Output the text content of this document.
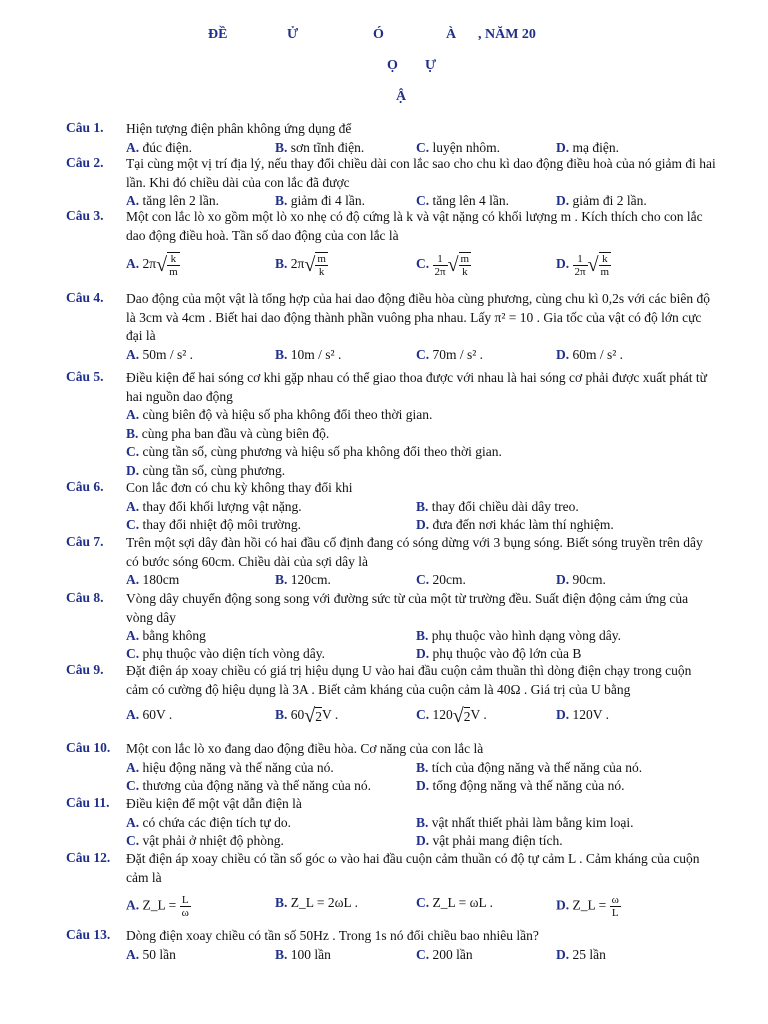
ĐỀ	Ử	Ó	À , NĂM 20
Ọ Ự
Ậ
Câu 1. Hiện tượng điện phân không ứng dụng để
A. đúc điện.	B. sơn tĩnh điện.	C. luyện nhôm.	D. mạ điện.
Câu 2. Tại cùng một vị trí địa lý, nếu thay đổi chiều dài con lắc sao cho chu kì dao động điều hoà của nó giảm đi hai lần. Khi đó chiều dài của con lắc đã được
A. tăng lên 2 lần.	B. giảm đi 4 lần.	C. tăng lên 4 lần.	D. giảm đi 2 lần.
Câu 3. Một con lắc lò xo gồm một lò xo nhẹ có độ cứng là k và vật nặng có khối lượng m . Kích thích cho con lắc dao động điều hoà. Tần số dao động của con lắc là
A. $2\pi√ \frac{k}{m}$	B. $2\pi√ \frac{m}{k}$	C. $\frac{1}{2\pi}$ √ $\frac{m}{k}$	D. $\frac{1}{2\pi}$ √ $\frac{k}{m}$
Câu 4. Dao động của một vật là tổng hợp của hai dao động điều hòa cùng phương, cùng chu kì 0,2s với các biên độ là 3cm và 4cm . Biết hai dao động thành phần vuông pha nhau. Lấy π² = 10 . Gia tốc của vật có độ lớn cực đại là
A. 50m / s² .	B. 10m / s² .	C. 70m / s² .	D. 60m / s² .
Câu 5. Điều kiện để hai sóng cơ khi gặp nhau có thể giao thoa được với nhau là hai sóng cơ phải được xuất phát từ hai nguồn dao động
A. cùng biên độ và hiệu số pha không đổi theo thời gian.
B. cùng pha ban đầu và cùng biên độ.
C. cùng tần số, cùng phương và hiệu số pha không đổi theo thời gian.
D. cùng tần số, cùng phương.
Câu 6. Con lắc đơn có chu kỳ không thay đổi khi
A. thay đổi khối lượng vật nặng.	B. thay đổi chiều dài dây treo.
C. thay đổi nhiệt độ môi trường.	D. đưa đến nơi khác làm thí nghiệm.
Câu 7. Trên một sợi dây đàn hồi có hai đầu cố định đang có sóng dừng với 3 bụng sóng. Biết sóng truyền trên dây có bước sóng 60cm. Chiều dài của sợi dây là
A. 180cm	B. 120cm.	C. 20cm.	D. 90cm.
Câu 8. Vòng dây chuyển động song song với đường sức từ của một từ trường đều. Suất điện động cảm ứng của vòng dây
A. bằng không	B. phụ thuộc vào hình dạng vòng dây.
C. phụ thuộc vào diện tích vòng dây.	D. phụ thuộc vào độ lớn của B
Câu 9. Đặt điện áp xoay chiều có giá trị hiệu dụng U vào hai đầu cuộn cảm thuần thì dòng điện chạy trong cuộn cảm có cường độ hiệu dụng là 3A . Biết cảm kháng của cuộn cảm là 40Ω . Giá trị của U bằng
A. 60V .	B. 60√2V .	C. 120√2V .	D. 120V .
Câu 10. Một con lắc lò xo đang dao động điều hòa. Cơ năng của con lắc là
A. hiệu động năng và thế năng của nó.	B. tích của động năng và thế năng của nó.
C. thương của động năng và thế năng của nó.	D. tổng động năng và thế năng của nó.
Câu 11. Điều kiện để một vật dẫn điện là
A. có chứa các điện tích tự do.	B. vật nhất thiết phải làm bằng kim loại.
C. vật phải ở nhiệt độ phòng.	D. vật phải mang điện tích.
Câu 12. Đặt điện áp xoay chiều có tần số góc ω vào hai đầu cuộn cảm thuần có độ tự cảm L . Cảm kháng của cuộn cảm là
A. Z_L = $\frac{L}{\omega}$	B. Z_L = 2ωL .	C. Z_L = ωL .	D. Z_L = $\frac{\omega}{L}$
Câu 13. Dòng điện xoay chiều có tần số 50Hz . Trong 1s nó đổi chiều bao nhiêu lần?
A. 50 lần	B. 100 lần	C. 200 lần	D. 25 lần
